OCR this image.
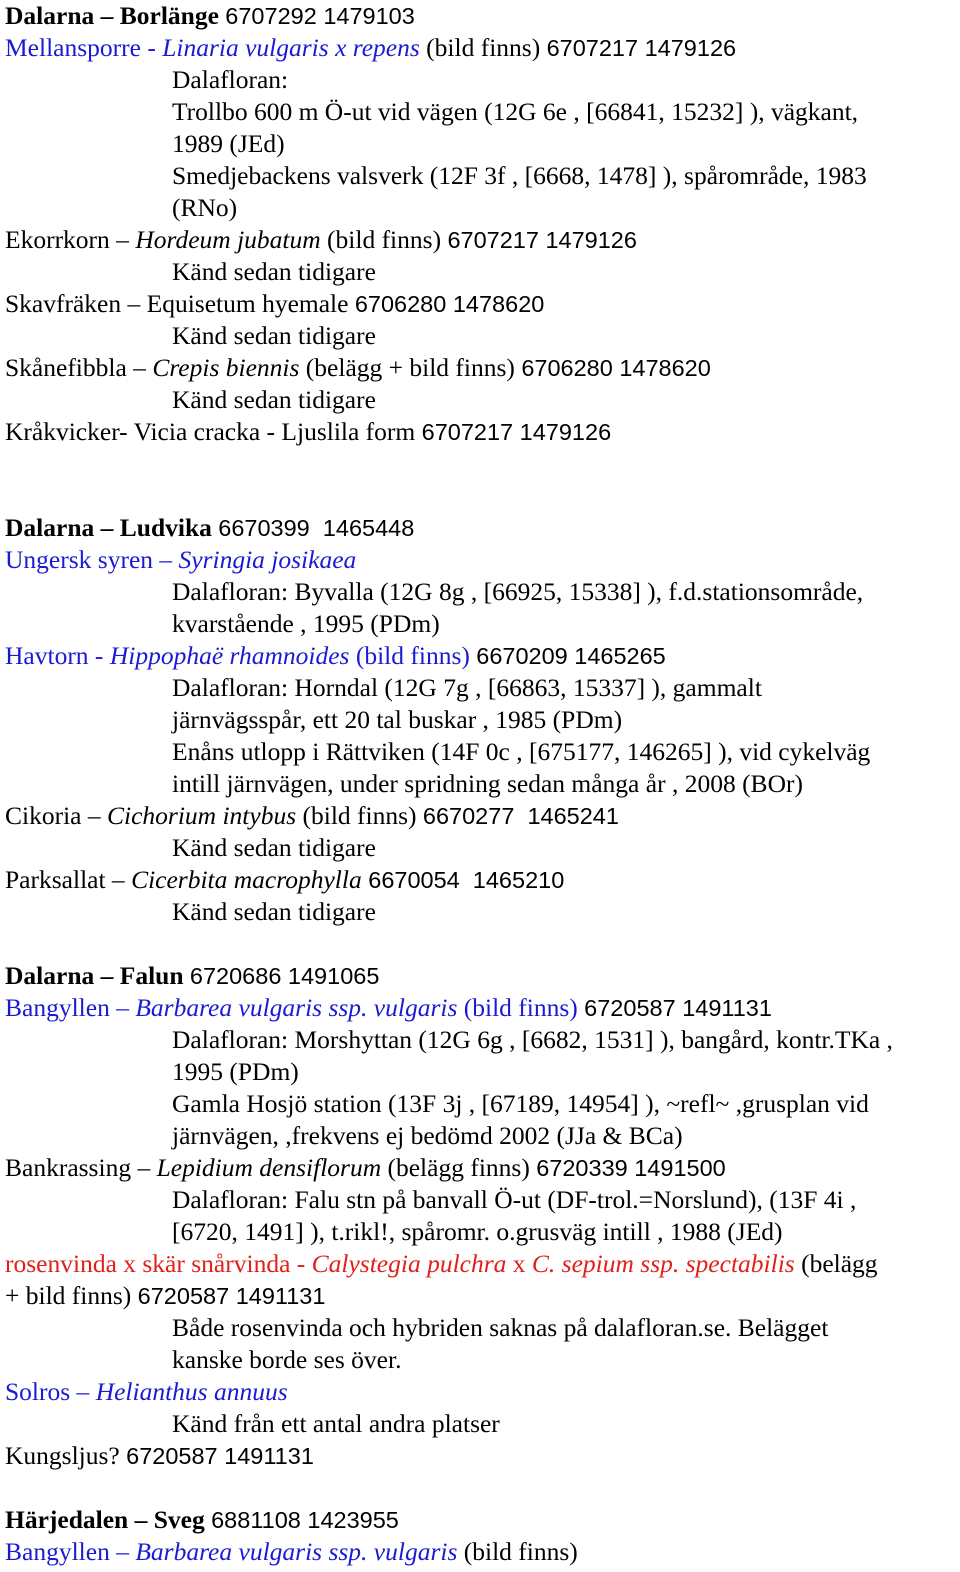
Dalarna – Borlänge 6707292 1479103
Mellansporre - Linaria vulgaris x repens (bild finns) 6707217 1479126
Dalafloran:
Trollbo 600 m Ö-ut vid vägen (12G 6e , [66841, 15232] ), vägkant,
1989 (JEd)
Smedjebackens valsverk (12F 3f , [6668, 1478] ), spårområde, 1983
(RNo)
Ekorrkorn – Hordeum jubatum (bild finns) 6707217 1479126
Känd sedan tidigare
Skavfräken – Equisetum hyemale 6706280 1478620
Känd sedan tidigare
Skånefibbla – Crepis biennis (belägg + bild finns) 6706280 1478620
Känd sedan tidigare
Kråkvicker- Vicia cracka - Ljuslila form 6707217 1479126
Dalarna – Ludvika 6670399  1465448
Ungersk syren – Syringia josikaea
Dalafloran: Byvalla (12G 8g , [66925, 15338] ), f.d.stationsområde,
kvarstående , 1995 (PDm)
Havtorn - Hippophaë rhamnoides (bild finns) 6670209 1465265
Dalafloran: Horndal (12G 7g , [66863, 15337] ), gammalt
järnvägsspår, ett 20 tal buskar , 1985 (PDm)
Enåns utlopp i Rättviken (14F 0c , [675177, 146265] ), vid cykelväg
intill järnvägen, under spridning sedan många år , 2008 (BOr)
Cikoria – Cichorium intybus (bild finns) 6670277  1465241
Känd sedan tidigare
Parksallat – Cicerbita macrophylla 6670054  1465210
Känd sedan tidigare
Dalarna – Falun 6720686 1491065
Bangyllen – Barbarea vulgaris ssp. vulgaris (bild finns) 6720587 1491131
Dalafloran: Morshyttan (12G 6g , [6682, 1531] ), bangård, kontr.TKa ,
1995 (PDm)
Gamla Hosjö station (13F 3j , [67189, 14954] ), ~refl~ ,grusplan vid
järnvägen, ,frekvens ej bedömd 2002 (JJa & BCa)
Bankrassing – Lepidium densiflorum (belägg finns) 6720339 1491500
Dalafloran: Falu stn på banvall Ö-ut (DF-trol.=Norslund), (13F 4i ,
[6720, 1491] ), t.rikl!, spåromr. o.grusväg intill , 1988 (JEd)
rosenvinda x skär snårvinda - Calystegia pulchra x C. sepium ssp. spectabilis (belägg
+ bild finns) 6720587 1491131
Både rosenvinda och hybriden saknas på dalafloran.se. Belägget
kanske borde ses över.
Solros – Helianthus annuus
Känd från ett antal andra platser
Kungsljus? 6720587 1491131
Härjedalen – Sveg 6881108 1423955
Bangyllen – Barbarea vulgaris ssp. vulgaris (bild finns)
